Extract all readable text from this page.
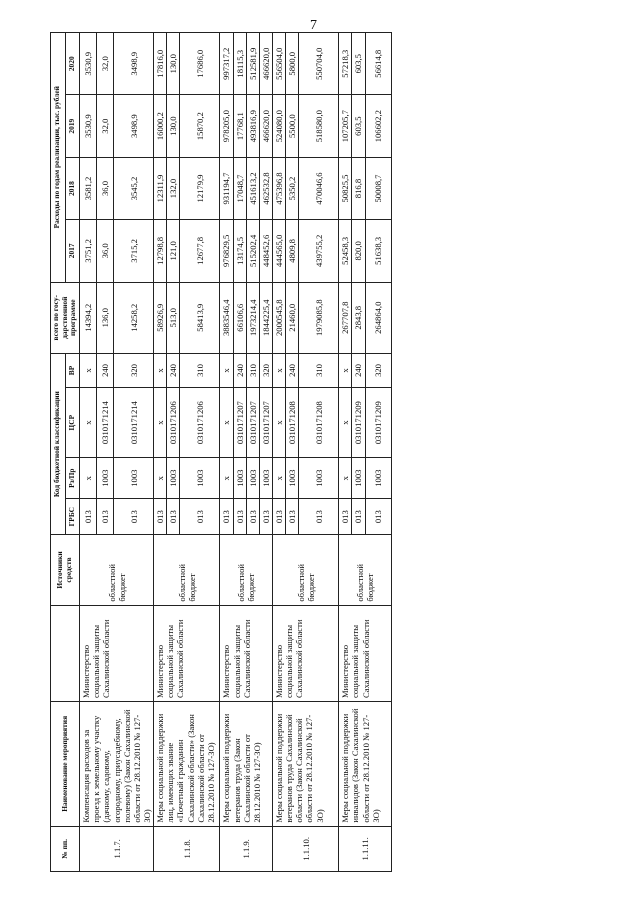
7
№ пп.	Наименование мероприятия		Источники средств	Код бюджетной классификации				всего по госу-дарственной программе	Расходы по годам реализации, тыс. рублей			
				ГРБС	Рз/Пр	ЦСР	ВР		2017	2018	2019	2020
1.1.7.	Компенсация расходов за проезд к земельному участку (дачному, садовому, огородному, приусадебному, полевому) (Закон Сахалинской области от 28.12.2010 № 127-ЗО)	Министерство социальной защиты Сахалинской области	областной бюджет	013	х	х	х	14394,2	3751,2	3581,2	3530,9	3530,9
				013	1003	0310171214	240	136,0	36,0	36,0	32,0	32,0
				013	1003	0310171214	320	14258,2	3715,2	3545,2	3498,9	3498,9
1.1.8.	Меры социальной поддержки лиц, имеющих звание «Почетный гражданин Сахалинской области» (Закон Сахалинской области от 28.12.2010 № 127-ЗО)	Министерство социальной защиты Сахалинской области	областной бюджет	013	х	х	х	58926,9	12798,8	12311,9	16000,2	17816,0
				013	1003	0310171206	240	513,0	121,0	132,0	130,0	130,0
				013	1003	0310171206	310	58413,9	12677,8	12179,9	15870,2	17686,0
1.1.9.	Меры социальной поддержки ветеранов труда (Закон Сахалинской области от 28.12.2010 № 127-ЗО)	Министерство социальной защиты Сахалинской области	областной бюджет	013	х	х	х	3883546,4	976829,5	931194,7	978205,0	997317,2
				013	1003	0310171207	240	66106,6	13174,5	17048,7	17768,1	18115,3
				013	1003	0310171207	310	1973214,4	515202,4	451613,2	493816,9	512581,9
				013	1003	0310171207	320	1844225,4	448452,6	462532,8	466620,0	466620,0
1.1.10.	Меры социальной поддержки ветеранов труда Сахалинской области (Закон Сахалинской области от 28.12.2010 № 127-ЗО)	Министерство социальной защиты Сахалинской области	областной бюджет	013	х	х	х	2000545,8	444565,0	475396,8	524080,0	556504,0
				013	1003	0310171208	240	21460,0	4809,8	5350,2	5500,0	5800,0
				013	1003	0310171208	310	1979085,8	439755,2	470046,6	518580,0	550704,0
1.1.11.	Меры социальной поддержки инвалидов (Закон Сахалинской области от 28.12.2010 № 127-ЗО)	Министерство социальной защиты Сахалинской области	областной бюджет	013	х	х	х	267707,8	52458,3	50825,5	107205,7	57218,3
				013	1003	0310171209	240	2843,8	820,0	816,8	603,5	603,5
				013	1003	0310171209	320	264864,0	51638,3	50008,7	106602,2	56614,8
